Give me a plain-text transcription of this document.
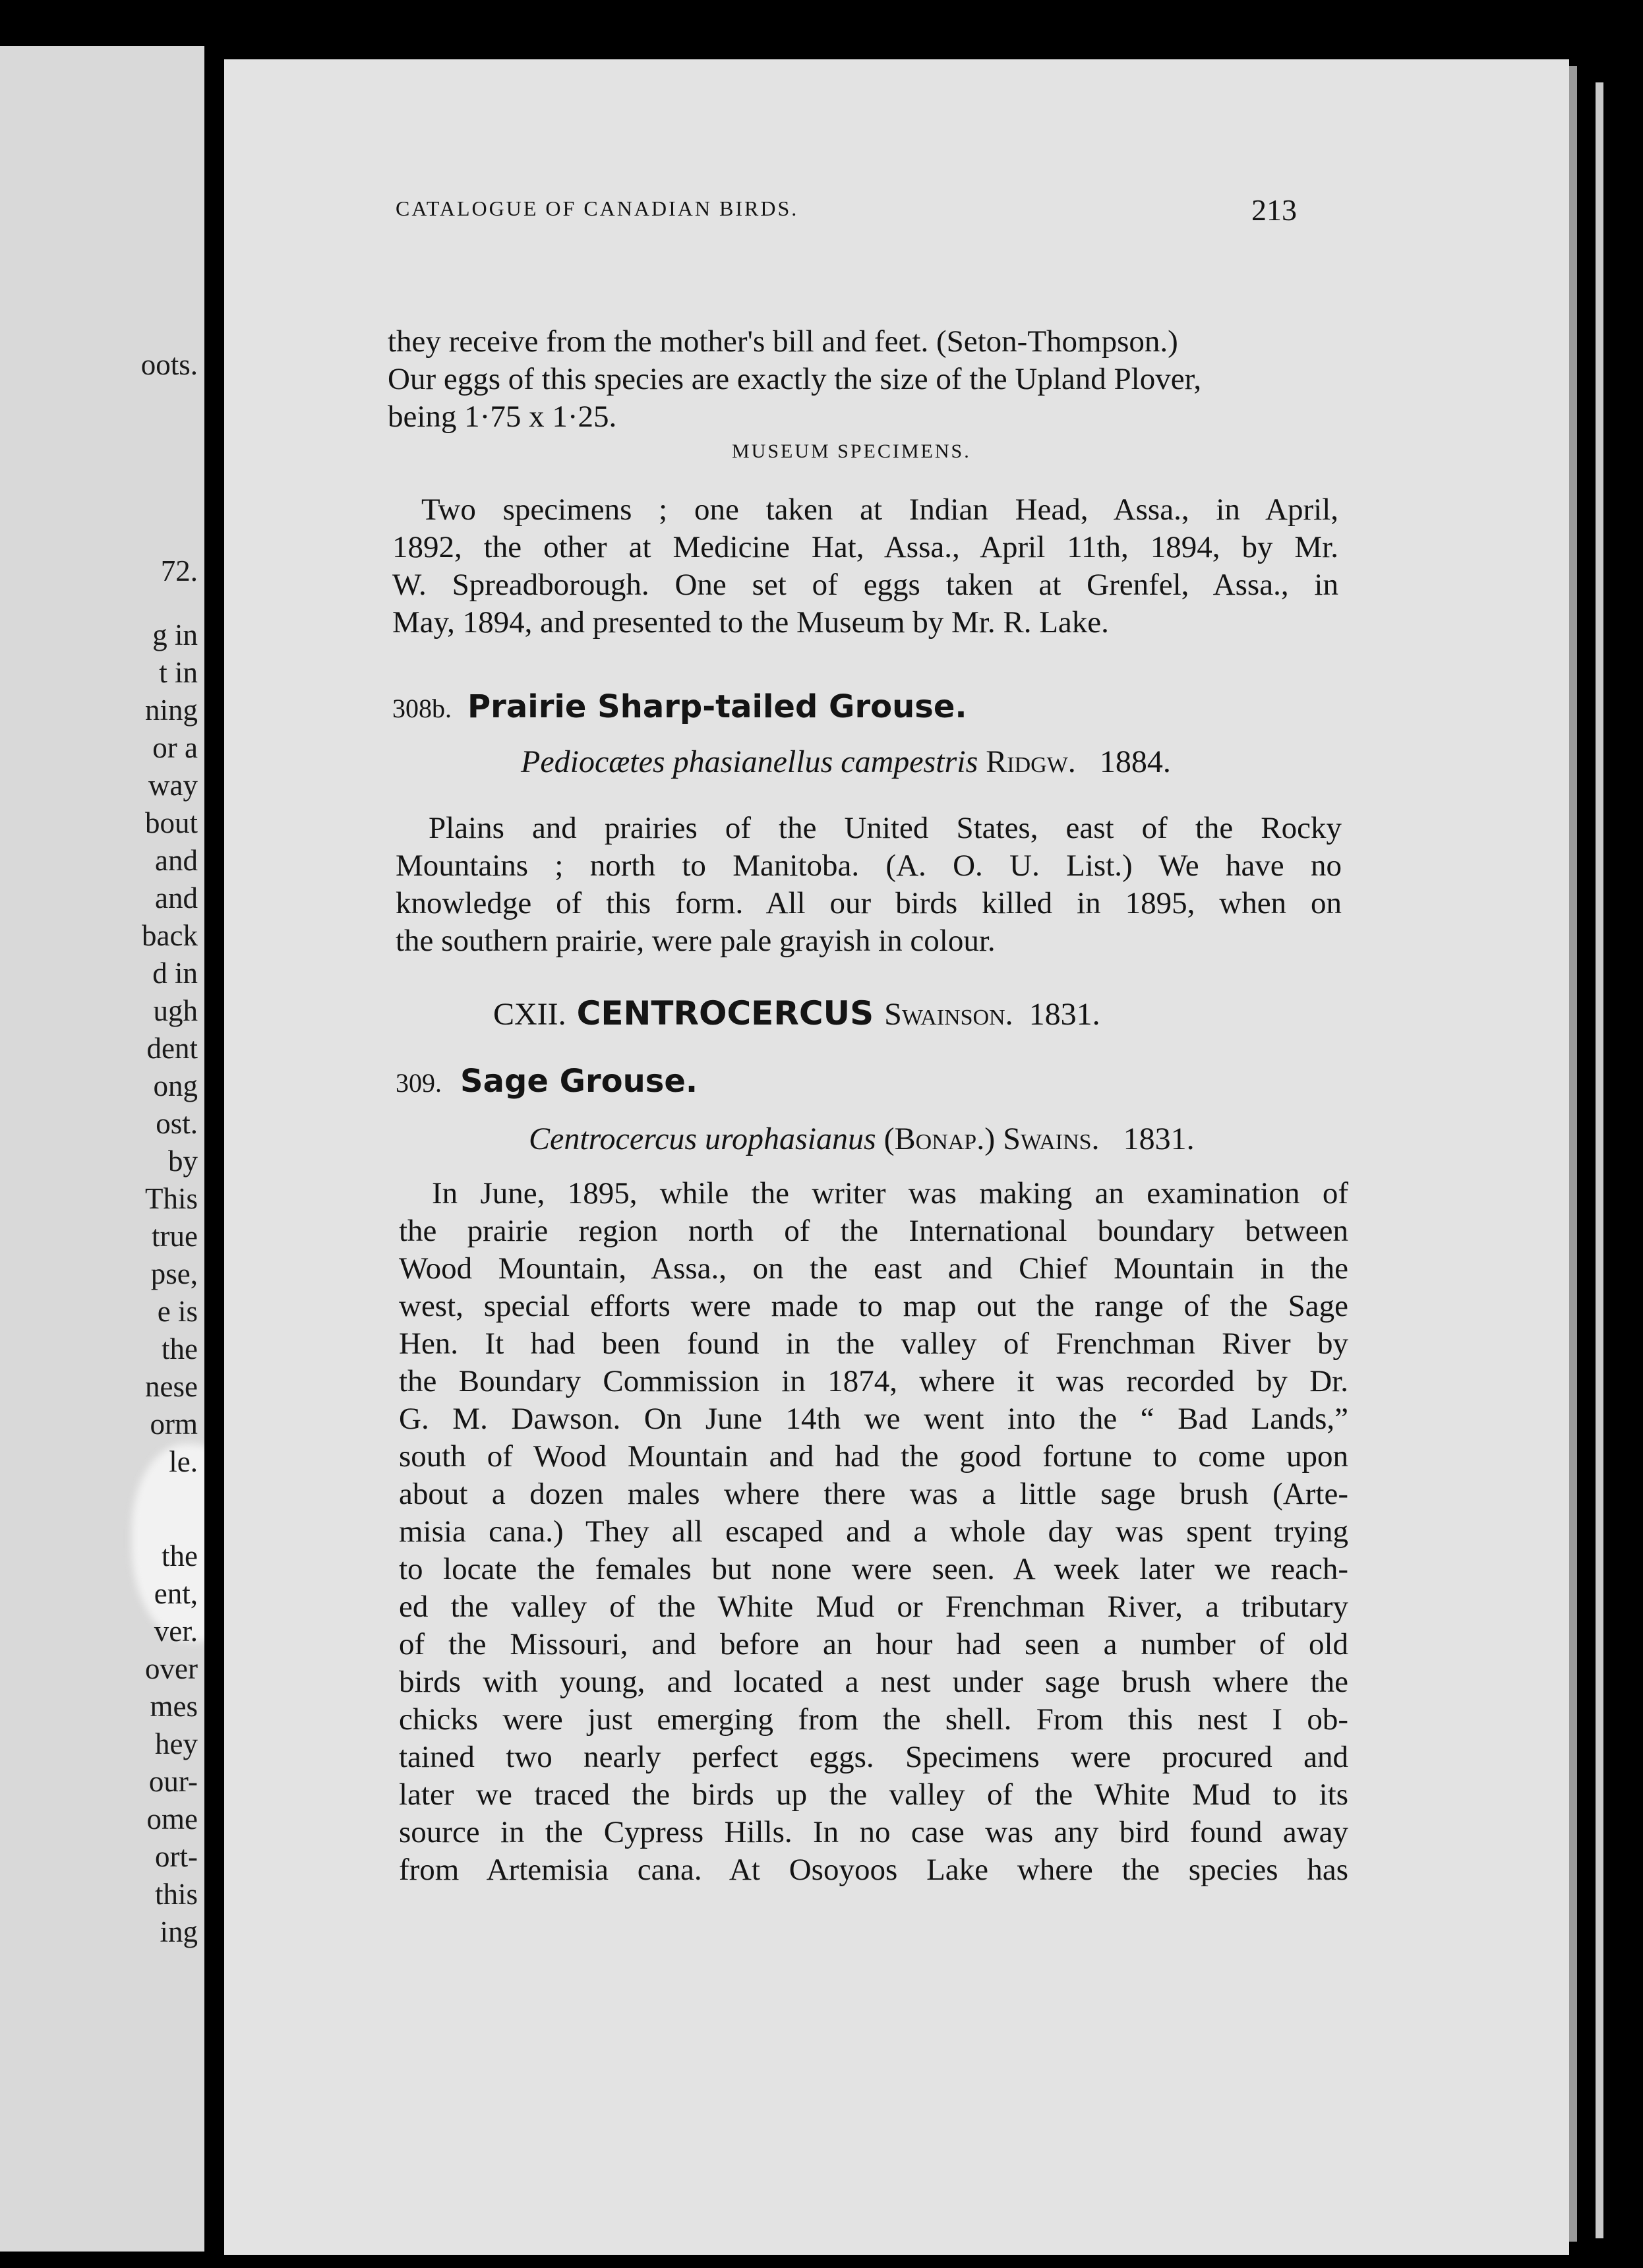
oots.
72.
g in
t in
ning
or a
way
bout
and
and
back
d in
ugh
dent
ong
ost.
by
This
true
pse,
e is
the
nese
orm
le.
the
ent,
ver.
over
mes
hey
our-
ome
ort-
this
ing
CATALOGUE OF CANADIAN BIRDS.	213
they receive from the mother's bill and feet. (Seton-Thompson.)
Our eggs of this species are exactly the size of the Upland Plover,
being 1·75 x 1·25.
MUSEUM SPECIMENS.
Two specimens ; one taken at Indian Head, Assa., in April,
1892, the other at Medicine Hat, Assa., April 11th, 1894, by Mr.
W. Spreadborough. One set of eggs taken at Grenfel, Assa., in
May, 1894, and presented to the Museum by Mr. R. Lake.
308b. Prairie Sharp-tailed Grouse.
Pediocætes phasianellus campestris Ridgw. 1884.
Plains and prairies of the United States, east of the Rocky
Mountains ; north to Manitoba. (A. O. U. List.) We have no
knowledge of this form. All our birds killed in 1895, when on
the southern prairie, were pale grayish in colour.
CXII. CENTROCERCUS Swainson. 1831.
309. Sage Grouse.
Centrocercus urophasianus (Bonap.) Swains. 1831.
In June, 1895, while the writer was making an examination of
the prairie region north of the International boundary between
Wood Mountain, Assa., on the east and Chief Mountain in the
west, special efforts were made to map out the range of the Sage
Hen. It had been found in the valley of Frenchman River by
the Boundary Commission in 1874, where it was recorded by Dr.
G. M. Dawson. On June 14th we went into the “ Bad Lands,”
south of Wood Mountain and had the good fortune to come upon
about a dozen males where there was a little sage brush (Arte-
misia cana.) They all escaped and a whole day was spent trying
to locate the females but none were seen. A week later we reach-
ed the valley of the White Mud or Frenchman River, a tributary
of the Missouri, and before an hour had seen a number of old
birds with young, and located a nest under sage brush where the
chicks were just emerging from the shell. From this nest I ob-
tained two nearly perfect eggs. Specimens were procured and
later we traced the birds up the valley of the White Mud to its
source in the Cypress Hills. In no case was any bird found away
from Artemisia cana. At Osoyoos Lake where the species has
